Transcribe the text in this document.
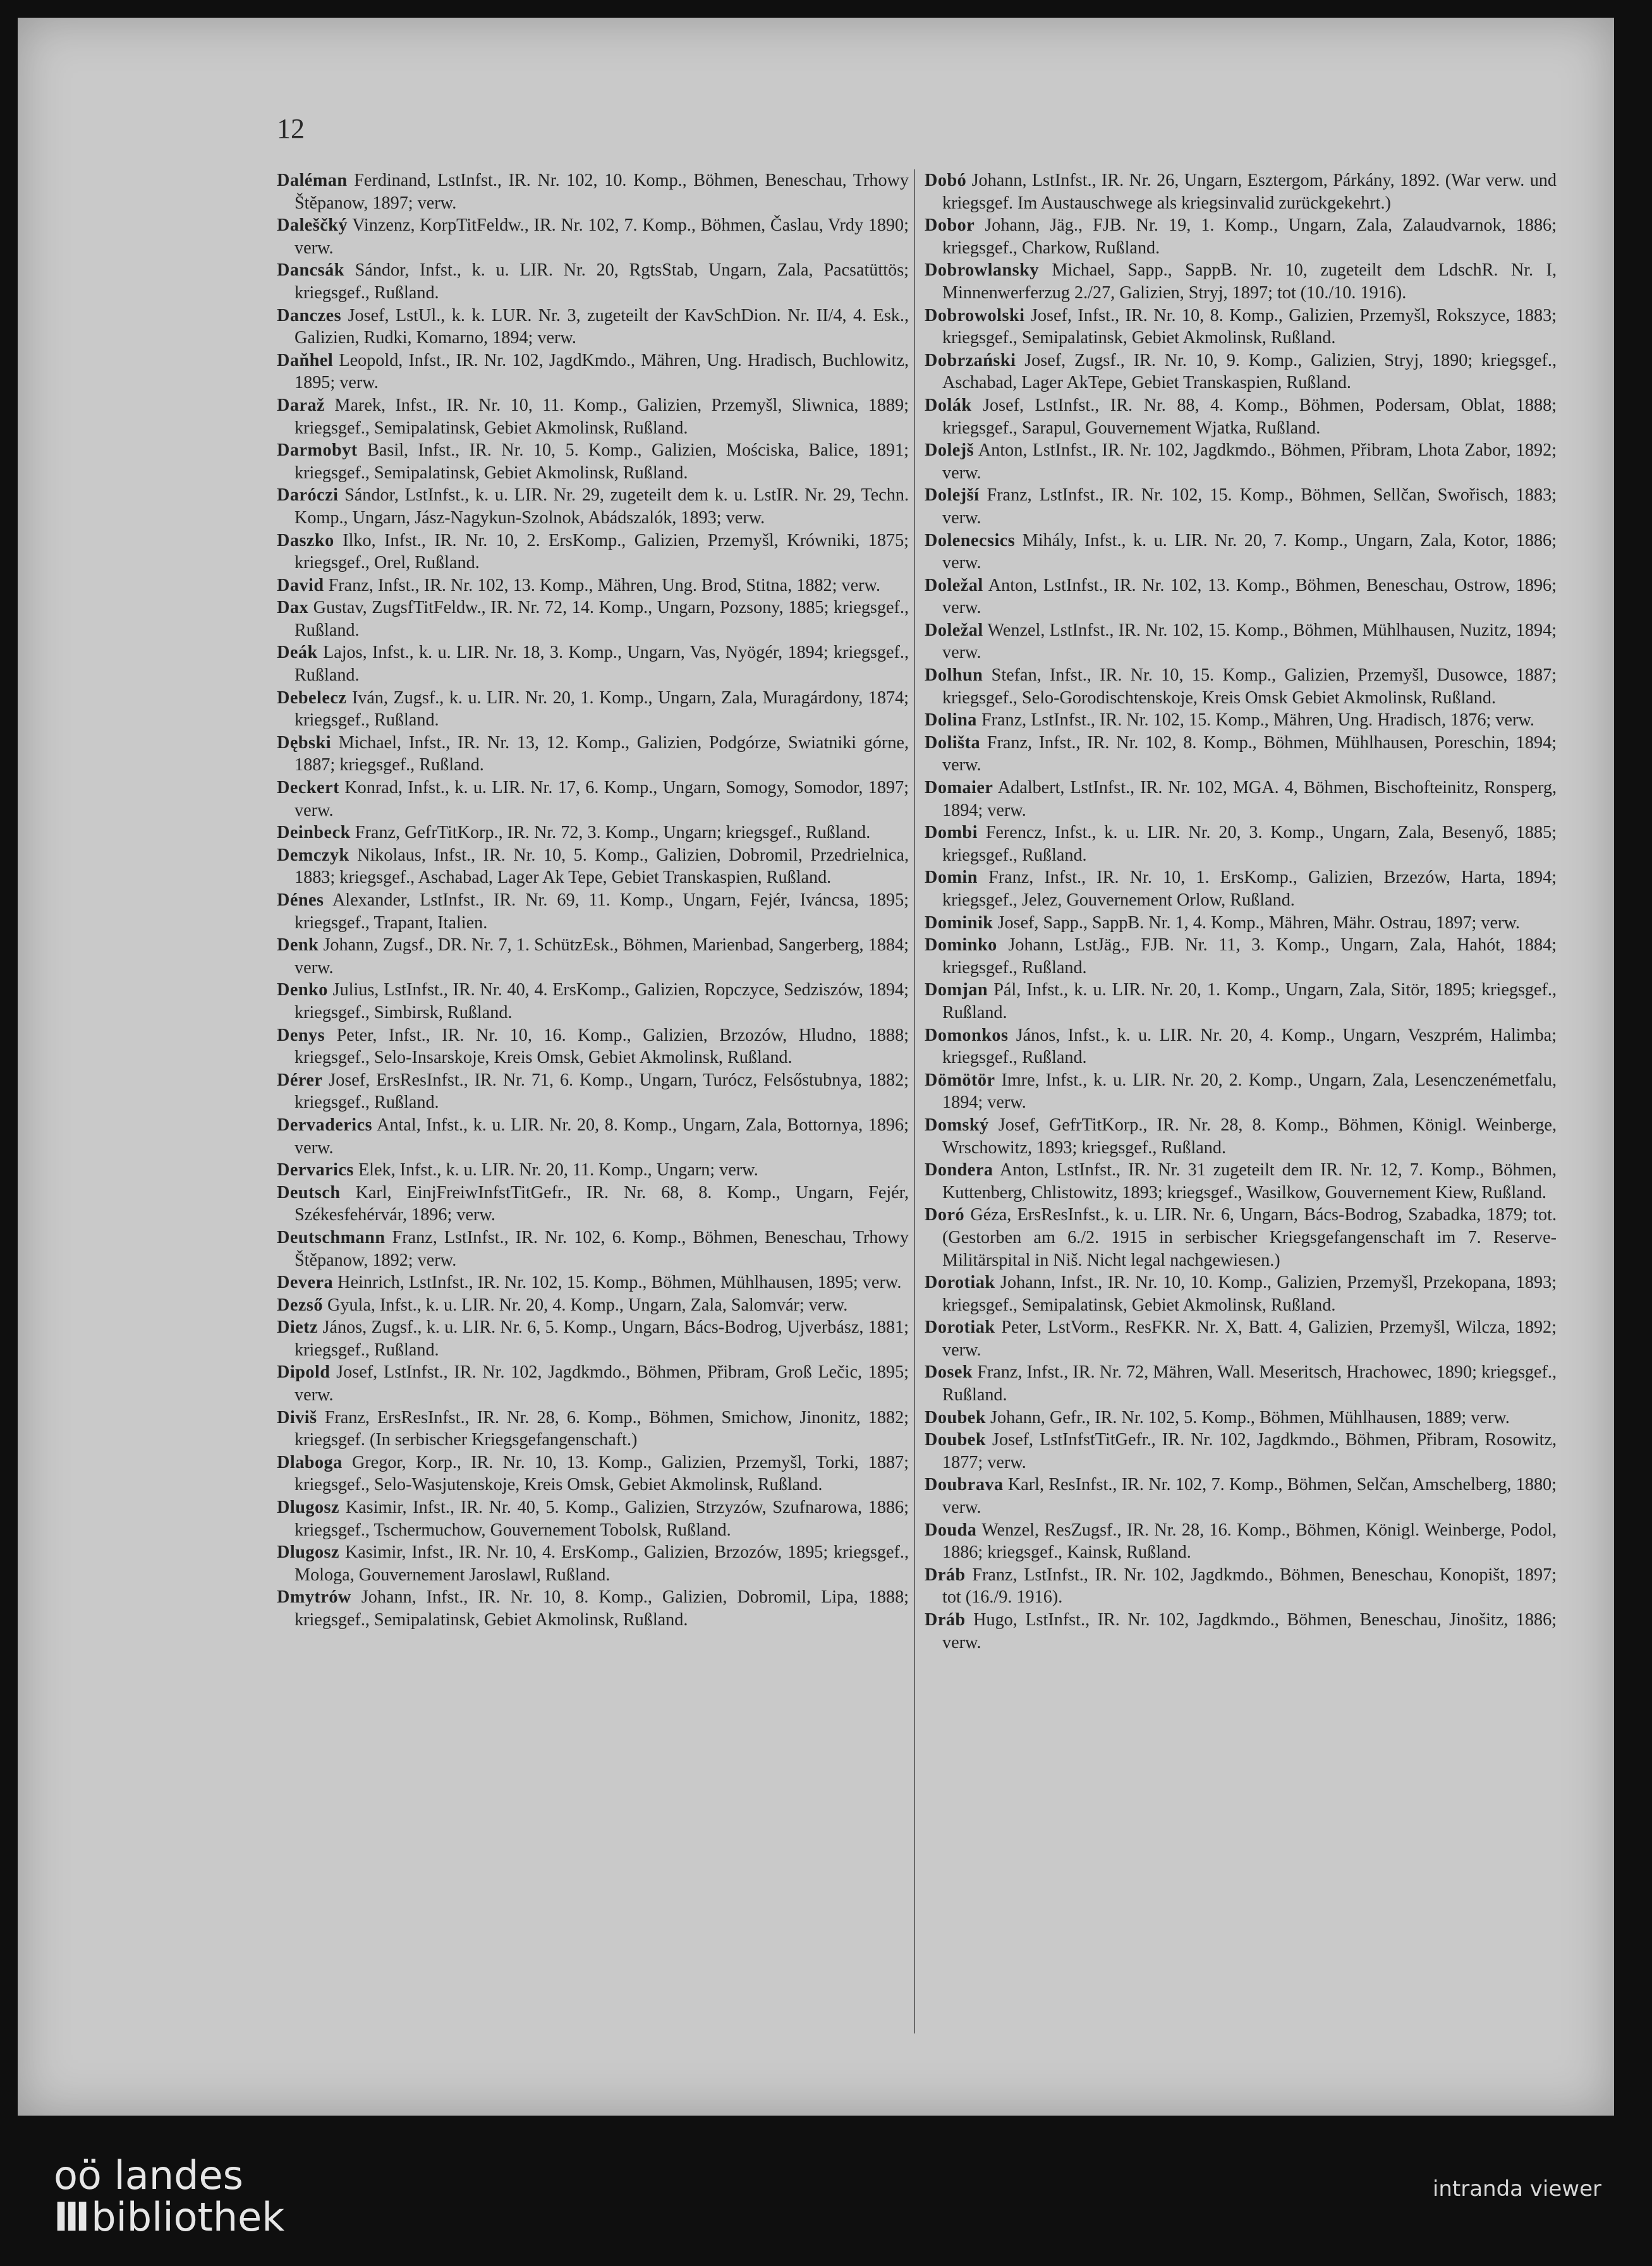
12

Daléman Ferdinand, LstInfst., IR. Nr. 102, 10. Komp., Böhmen, Beneschau, Trhowy Štěpanow, 1897; verw.

Daleščký Vinzenz, KorpTitFeldw., IR. Nr. 102, 7. Komp., Böhmen, Časlau, Vrdy 1890; verw.

Dancsák Sándor, Infst., k. u. LIR. Nr. 20, RgtsStab, Ungarn, Zala, Pacsatüttös; kriegsgef., Rußland.

Danczes Josef, LstUl., k. k. LUR. Nr. 3, zugeteilt der KavSchDion. Nr. II/4, 4. Esk., Galizien, Rudki, Komarno, 1894; verw.

Daňhel Leopold, Infst., IR. Nr. 102, JagdKmdo., Mähren, Ung. Hradisch, Buchlowitz, 1895; verw.

Daraž Marek, Infst., IR. Nr. 10, 11. Komp., Galizien, Przemyšl, Sliwnica, 1889; kriegsgef., Semipalatinsk, Gebiet Akmolinsk, Rußland.

Darmobyt Basil, Infst., IR. Nr. 10, 5. Komp., Galizien, Mościska, Balice, 1891; kriegsgef., Semipalatinsk, Gebiet Akmolinsk, Rußland.

Daróczi Sándor, LstInfst., k. u. LIR. Nr. 29, zugeteilt dem k. u. LstIR. Nr. 29, Techn. Komp., Ungarn, Jász-Nagykun-Szolnok, Abádszalók, 1893; verw.

Daszko Ilko, Infst., IR. Nr. 10, 2. ErsKomp., Galizien, Przemyšl, Krówniki, 1875; kriegsgef., Orel, Rußland.

David Franz, Infst., IR. Nr. 102, 13. Komp., Mähren, Ung. Brod, Stitna, 1882; verw.

Dax Gustav, ZugsfTitFeldw., IR. Nr. 72, 14. Komp., Ungarn, Pozsony, 1885; kriegsgef., Rußland.

Deák Lajos, Infst., k. u. LIR. Nr. 18, 3. Komp., Ungarn, Vas, Nyögér, 1894; kriegsgef., Rußland.

Debelecz Iván, Zugsf., k. u. LIR. Nr. 20, 1. Komp., Ungarn, Zala, Muragárdony, 1874; kriegsgef., Rußland.

Dębski Michael, Infst., IR. Nr. 13, 12. Komp., Galizien, Podgórze, Swiatniki górne, 1887; kriegsgef., Rußland.

Deckert Konrad, Infst., k. u. LIR. Nr. 17, 6. Komp., Ungarn, Somogy, Somodor, 1897; verw.

Deinbeck Franz, GefrTitKorp., IR. Nr. 72, 3. Komp., Ungarn; kriegsgef., Rußland.

Demczyk Nikolaus, Infst., IR. Nr. 10, 5. Komp., Galizien, Dobromil, Przedrielnica, 1883; kriegsgef., Aschabad, Lager Ak Tepe, Gebiet Transkaspien, Rußland.

Dénes Alexander, LstInfst., IR. Nr. 69, 11. Komp., Ungarn, Fejér, Iváncsa, 1895; kriegsgef., Trapant, Italien.

Denk Johann, Zugsf., DR. Nr. 7, 1. SchützEsk., Böhmen, Marienbad, Sangerberg, 1884; verw.

Denko Julius, LstInfst., IR. Nr. 40, 4. ErsKomp., Galizien, Ropczyce, Sedziszów, 1894; kriegsgef., Simbirsk, Rußland.

Denys Peter, Infst., IR. Nr. 10, 16. Komp., Galizien, Brzozów, Hludno, 1888; kriegsgef., Selo-Insarskoje, Kreis Omsk, Gebiet Akmolinsk, Rußland.

Dérer Josef, ErsResInfst., IR. Nr. 71, 6. Komp., Ungarn, Turócz, Felsőstubnya, 1882; kriegsgef., Rußland.

Dervaderics Antal, Infst., k. u. LIR. Nr. 20, 8. Komp., Ungarn, Zala, Bottornya, 1896; verw.

Dervarics Elek, Infst., k. u. LIR. Nr. 20, 11. Komp., Ungarn; verw.

Deutsch Karl, EinjFreiwInfstTitGefr., IR. Nr. 68, 8. Komp., Ungarn, Fejér, Székesfehérvár, 1896; verw.

Deutschmann Franz, LstInfst., IR. Nr. 102, 6. Komp., Böhmen, Beneschau, Trhowy Štěpanow, 1892; verw.

Devera Heinrich, LstInfst., IR. Nr. 102, 15. Komp., Böhmen, Mühlhausen, 1895; verw.

Dezső Gyula, Infst., k. u. LIR. Nr. 20, 4. Komp., Ungarn, Zala, Salomvár; verw.

Dietz János, Zugsf., k. u. LIR. Nr. 6, 5. Komp., Ungarn, Bács-Bodrog, Ujverbász, 1881; kriegsgef., Rußland.

Dipold Josef, LstInfst., IR. Nr. 102, Jagdkmdo., Böhmen, Přibram, Groß Lečic, 1895; verw.

Diviš Franz, ErsResInfst., IR. Nr. 28, 6. Komp., Böhmen, Smichow, Jinonitz, 1882; kriegsgef. (In serbischer Kriegsgefangenschaft.)

Dlaboga Gregor, Korp., IR. Nr. 10, 13. Komp., Galizien, Przemyšl, Torki, 1887; kriegsgef., Selo-Wasjutenskoje, Kreis Omsk, Gebiet Akmolinsk, Rußland.

Dlugosz Kasimir, Infst., IR. Nr. 40, 5. Komp., Galizien, Strzyzów, Szufnarowa, 1886; kriegsgef., Tschermuchow, Gouvernement Tobolsk, Rußland.

Dlugosz Kasimir, Infst., IR. Nr. 10, 4. ErsKomp., Galizien, Brzozów, 1895; kriegsgef., Mologa, Gouvernement Jaroslawl, Rußland.

Dmytrów Johann, Infst., IR. Nr. 10, 8. Komp., Galizien, Dobromil, Lipa, 1888; kriegsgef., Semipalatinsk, Gebiet Akmolinsk, Rußland.

Dobó Johann, LstInfst., IR. Nr. 26, Ungarn, Esztergom, Párkány, 1892. (War verw. und kriegsgef. Im Austauschwege als kriegsinvalid zurückgekehrt.)

Dobor Johann, Jäg., FJB. Nr. 19, 1. Komp., Ungarn, Zala, Zalaudvarnok, 1886; kriegsgef., Charkow, Rußland.

Dobrowlansky Michael, Sapp., SappB. Nr. 10, zugeteilt dem LdschR. Nr. I, Minnenwerferzug 2./27, Galizien, Stryj, 1897; tot (10./10. 1916).

Dobrowolski Josef, Infst., IR. Nr. 10, 8. Komp., Galizien, Przemyšl, Rokszyce, 1883; kriegsgef., Semipalatinsk, Gebiet Akmolinsk, Rußland.

Dobrzański Josef, Zugsf., IR. Nr. 10, 9. Komp., Galizien, Stryj, 1890; kriegsgef., Aschabad, Lager AkTepe, Gebiet Transkaspien, Rußland.

Dolák Josef, LstInfst., IR. Nr. 88, 4. Komp., Böhmen, Podersam, Oblat, 1888; kriegsgef., Sarapul, Gouvernement Wjatka, Rußland.

Dolejš Anton, LstInfst., IR. Nr. 102, Jagdkmdo., Böhmen, Přibram, Lhota Zabor, 1892; verw.

Dolejší Franz, LstInfst., IR. Nr. 102, 15. Komp., Böhmen, Sellčan, Swořisch, 1883; verw.

Dolenecsics Mihály, Infst., k. u. LIR. Nr. 20, 7. Komp., Ungarn, Zala, Kotor, 1886; verw.

Doležal Anton, LstInfst., IR. Nr. 102, 13. Komp., Böhmen, Beneschau, Ostrow, 1896; verw.

Doležal Wenzel, LstInfst., IR. Nr. 102, 15. Komp., Böhmen, Mühlhausen, Nuzitz, 1894; verw.

Dolhun Stefan, Infst., IR. Nr. 10, 15. Komp., Galizien, Przemyšl, Dusowce, 1887; kriegsgef., Selo-Gorodischtenskoje, Kreis Omsk Gebiet Akmolinsk, Rußland.

Dolina Franz, LstInfst., IR. Nr. 102, 15. Komp., Mähren, Ung. Hradisch, 1876; verw.

Dolišta Franz, Infst., IR. Nr. 102, 8. Komp., Böhmen, Mühlhausen, Poreschin, 1894; verw.

Domaier Adalbert, LstInfst., IR. Nr. 102, MGA. 4, Böhmen, Bischofteinitz, Ronsperg, 1894; verw.

Dombi Ferencz, Infst., k. u. LIR. Nr. 20, 3. Komp., Ungarn, Zala, Besenyő, 1885; kriegsgef., Rußland.

Domin Franz, Infst., IR. Nr. 10, 1. ErsKomp., Galizien, Brzezów, Harta, 1894; kriegsgef., Jelez, Gouvernement Orlow, Rußland.

Dominik Josef, Sapp., SappB. Nr. 1, 4. Komp., Mähren, Mähr. Ostrau, 1897; verw.

Dominko Johann, LstJäg., FJB. Nr. 11, 3. Komp., Ungarn, Zala, Hahót, 1884; kriegsgef., Rußland.

Domjan Pál, Infst., k. u. LIR. Nr. 20, 1. Komp., Ungarn, Zala, Sitör, 1895; kriegsgef., Rußland.

Domonkos János, Infst., k. u. LIR. Nr. 20, 4. Komp., Ungarn, Veszprém, Halimba; kriegsgef., Rußland.

Dömötör Imre, Infst., k. u. LIR. Nr. 20, 2. Komp., Ungarn, Zala, Lesenczenémetfalu, 1894; verw.

Domský Josef, GefrTitKorp., IR. Nr. 28, 8. Komp., Böhmen, Königl. Weinberge, Wrschowitz, 1893; kriegsgef., Rußland.

Dondera Anton, LstInfst., IR. Nr. 31 zugeteilt dem IR. Nr. 12, 7. Komp., Böhmen, Kuttenberg, Chlistowitz, 1893; kriegsgef., Wasilkow, Gouvernement Kiew, Rußland.

Doró Géza, ErsResInfst., k. u. LIR. Nr. 6, Ungarn, Bács-Bodrog, Szabadka, 1879; tot. (Gestorben am 6./2. 1915 in serbischer Kriegsgefangenschaft im 7. Reserve-Militärspital in Niš. Nicht legal nachgewiesen.)

Dorotiak Johann, Infst., IR. Nr. 10, 10. Komp., Galizien, Przemyšl, Przekopana, 1893; kriegsgef., Semipalatinsk, Gebiet Akmolinsk, Rußland.

Dorotiak Peter, LstVorm., ResFKR. Nr. X, Batt. 4, Galizien, Przemyšl, Wilcza, 1892; verw.

Dosek Franz, Infst., IR. Nr. 72, Mähren, Wall. Meseritsch, Hrachowec, 1890; kriegsgef., Rußland.

Doubek Johann, Gefr., IR. Nr. 102, 5. Komp., Böhmen, Mühlhausen, 1889; verw.

Doubek Josef, LstInfstTitGefr., IR. Nr. 102, Jagdkmdo., Böhmen, Přibram, Rosowitz, 1877; verw.

Doubrava Karl, ResInfst., IR. Nr. 102, 7. Komp., Böhmen, Selčan, Amschelberg, 1880; verw.

Douda Wenzel, ResZugsf., IR. Nr. 28, 16. Komp., Böhmen, Königl. Weinberge, Podol, 1886; kriegsgef., Kainsk, Rußland.

Dráb Franz, LstInfst., IR. Nr. 102, Jagdkmdo., Böhmen, Beneschau, Konopišt, 1897; tot (16./9. 1916).

Dráb Hugo, LstInfst., IR. Nr. 102, Jagdkmdo., Böhmen, Beneschau, Jinošitz, 1886; verw.

oö landes
III bibliothek
intranda viewer
